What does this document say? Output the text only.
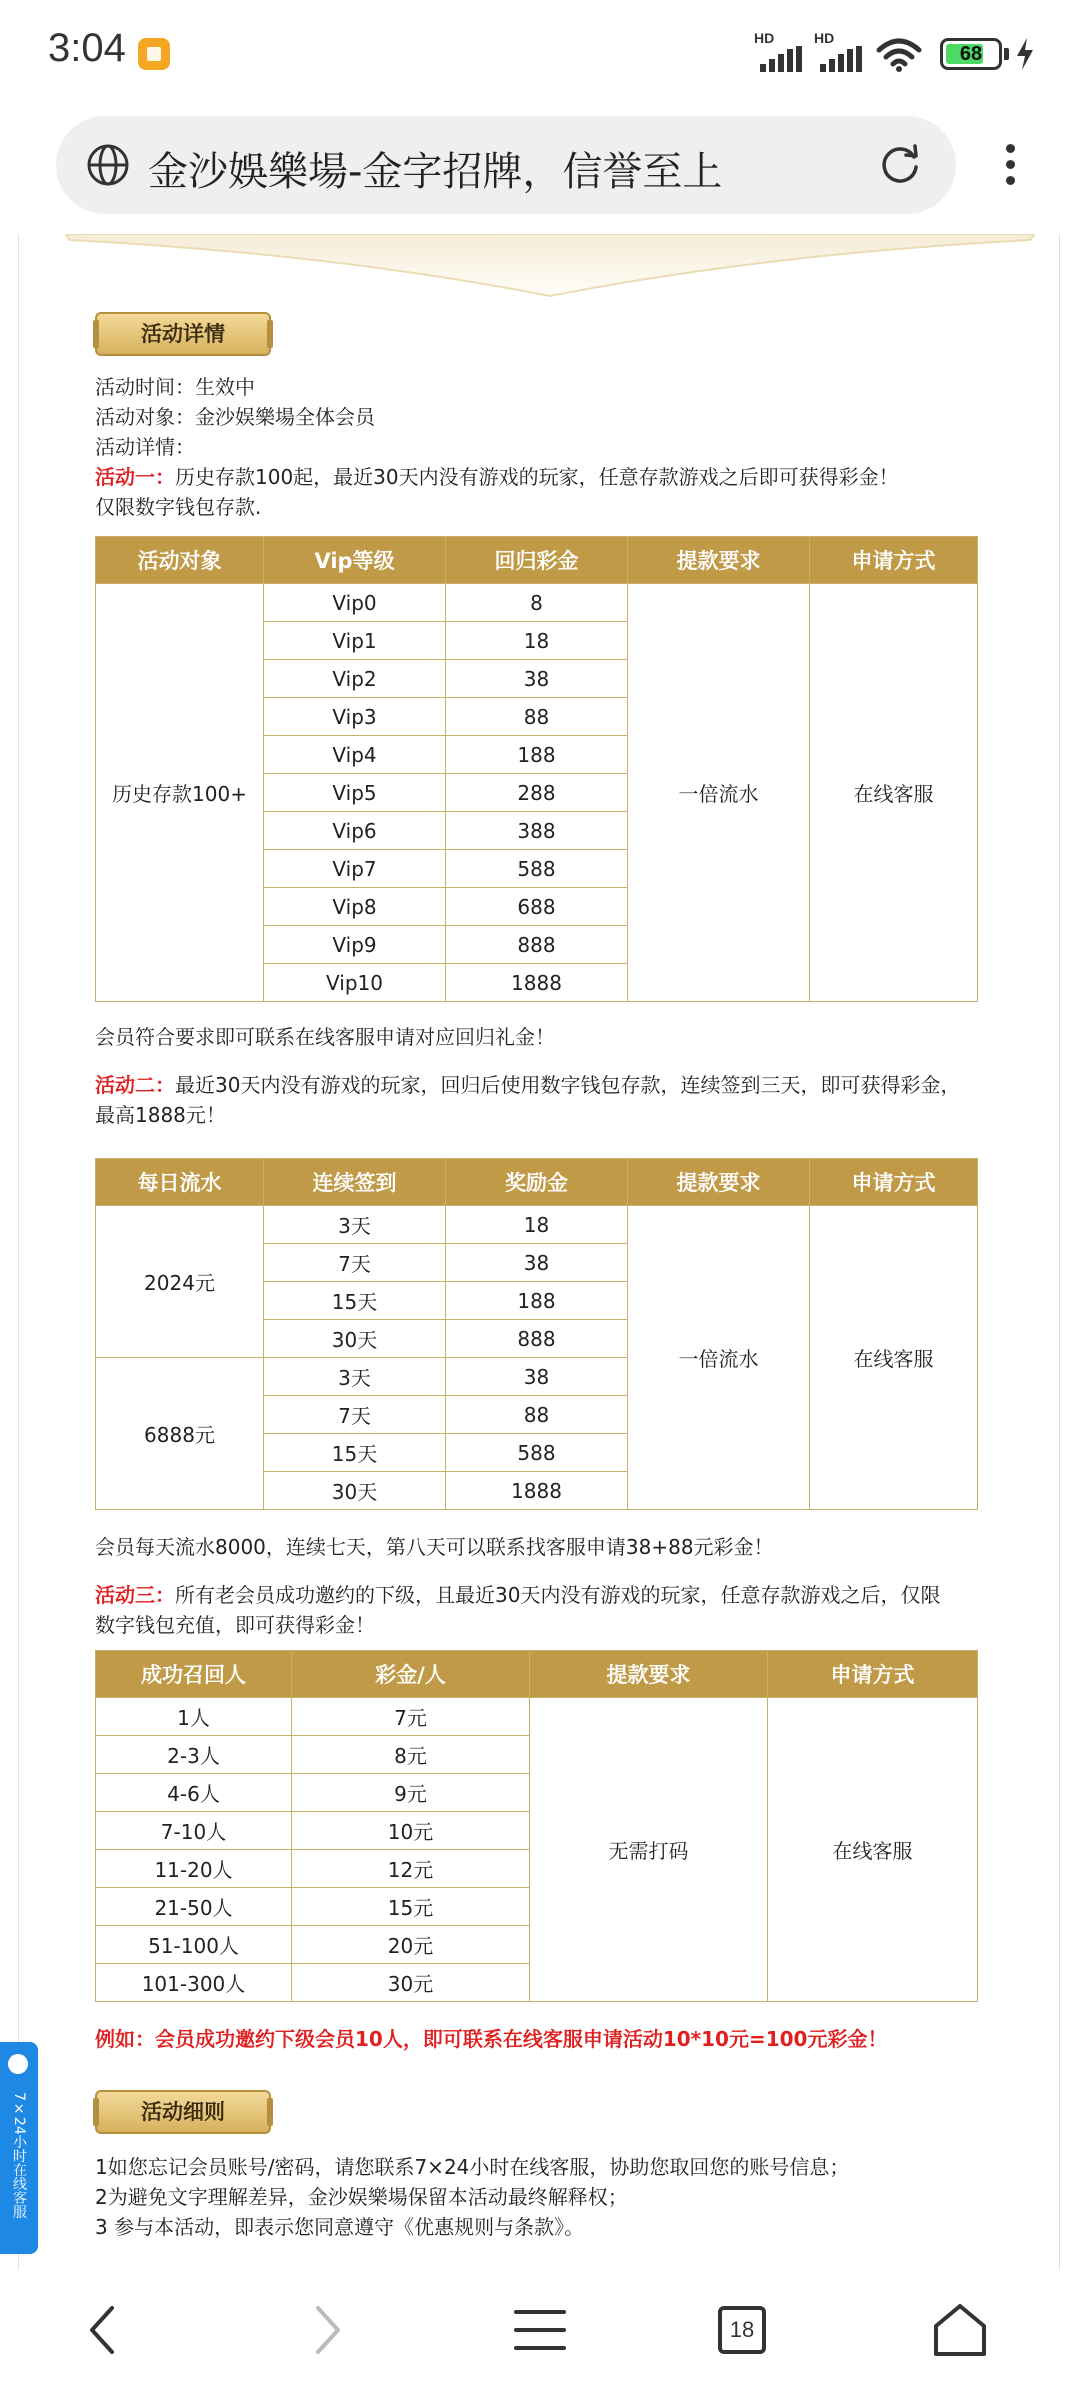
3:04	HD	HD
68
金沙娛樂場-金字招牌，信誉至上
活动详情
活动时间：生效中
活动对象：金沙娱樂場全体会员
活动详情：
活动一：历史存款100起，最近30天内没有游戏的玩家，任意存款游戏之后即可获得彩金！
仅限数字钱包存款.
活动对象	Vip等级	回归彩金	提款要求	申请方式
历史存款100+	Vip0	8	一倍流水	在线客服
	Vip1	18		
	Vip2	38		
	Vip3	88		
	Vip4	188		
	Vip5	288		
	Vip6	388		
	Vip7	588		
	Vip8	688		
	Vip9	888		
	Vip10	1888		
会员符合要求即可联系在线客服申请对应回归礼金！
活动二：最近30天内没有游戏的玩家，回归后使用数字钱包存款，连续签到三天，即可获得彩金，
最高1888元！
每日流水	连续签到	奖励金	提款要求	申请方式
2024元	3天	18	一倍流水	在线客服
	7天	38		
	15天	188		
	30天	888		
6888元	3天	38		
	7天	88		
	15天	588		
	30天	1888		
会员每天流水8000，连续七天，第八天可以联系找客服申请38+88元彩金！
活动三：所有老会员成功邀约的下级，且最近30天内没有游戏的玩家，任意存款游戏之后，仅限
数字钱包充值，即可获得彩金！
成功召回人	彩金/人	提款要求	申请方式
1人	7元	无需打码	在线客服
2-3人	8元		
4-6人	9元		
7-10人	10元		
11-20人	12元		
21-50人	15元		
51-100人	20元		
101-300人	30元		
例如：会员成功邀约下级会员10人，即可联系在线客服申请活动10*10元=100元彩金！
活动细则
1如您忘记会员账号/密码，请您联系7×24小时在线客服，协助您取回您的账号信息；
2为避免文字理解差异，金沙娱樂場保留本活动最终解释权；
3 参与本活动，即表示您同意遵守《优惠规则与条款》。
7×24小时在线客服
18
